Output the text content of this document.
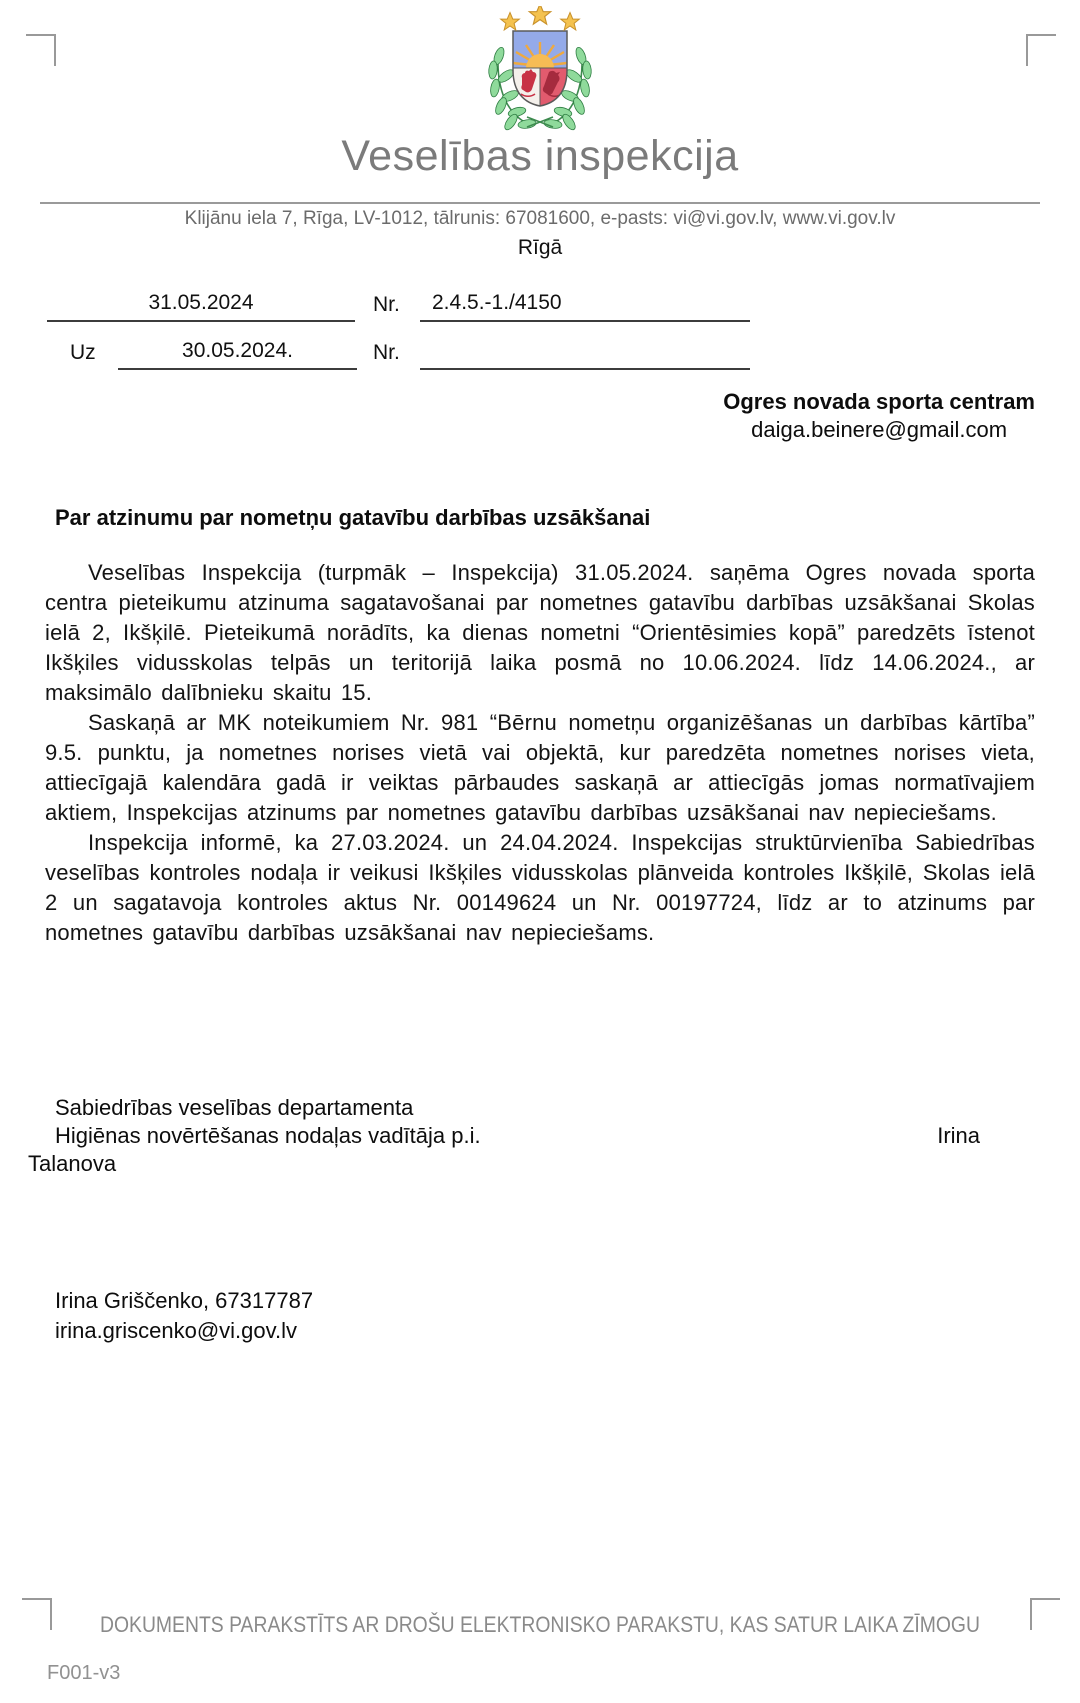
Veselības inspekcija
Klijānu iela 7, Rīga, LV-1012, tālrunis: 67081600, e-pasts: vi@vi.gov.lv, www.vi.gov.lv
Rīgā
31.05.2024	Nr.	2.4.5.-1./4150
Uz	30.05.2024.	Nr.
Ogres novada sporta centram
daiga.beinere@gmail.com
Par atzinumu par nometņu gatavību darbības uzsākšanai

Veselības Inspekcija (turpmāk – Inspekcija) 31.05.2024. saņēma Ogres novada sporta centra pieteikumu atzinuma sagatavošanai par nometnes gatavību darbības uzsākšanai Skolas ielā 2, Ikšķilē. Pieteikumā norādīts, ka dienas nometni “Orientēsimies kopā” paredzēts īstenot Ikšķiles vidusskolas telpās un teritorijā laika posmā no 10.06.2024. līdz 14.06.2024., ar maksimālo dalībnieku skaitu 15.

Saskaņā ar MK noteikumiem Nr. 981 “Bērnu nometņu organizēšanas un darbības kārtība” 9.5. punktu, ja nometnes norises vietā vai objektā, kur paredzēta nometnes norises vieta, attiecīgajā kalendāra gadā ir veiktas pārbaudes saskaņā ar attiecīgās jomas normatīvajiem aktiem, Inspekcijas atzinums par nometnes gatavību darbības uzsākšanai nav nepieciešams.

Inspekcija informē, ka 27.03.2024. un 24.04.2024. Inspekcijas struktūrvienība Sabiedrības veselības kontroles nodaļa ir veikusi Ikšķiles vidusskolas plānveida kontroles Ikšķilē, Skolas ielā 2 un sagatavoja kontroles aktus Nr. 00149624 un Nr. 00197724, līdz ar to atzinums par nometnes gatavību darbības uzsākšanai nav nepieciešams.

Sabiedrības veselības departamenta
Higiēnas novērtēšanas nodaļas vadītāja p.i.	Irina
Talanova
Irina Griščenko, 67317787
irina.griscenko@vi.gov.lv
DOKUMENTS PARAKSTĪTS AR DROŠU ELEKTRONISKO PARAKSTU, KAS SATUR LAIKA ZĪMOGU
F001-v3
